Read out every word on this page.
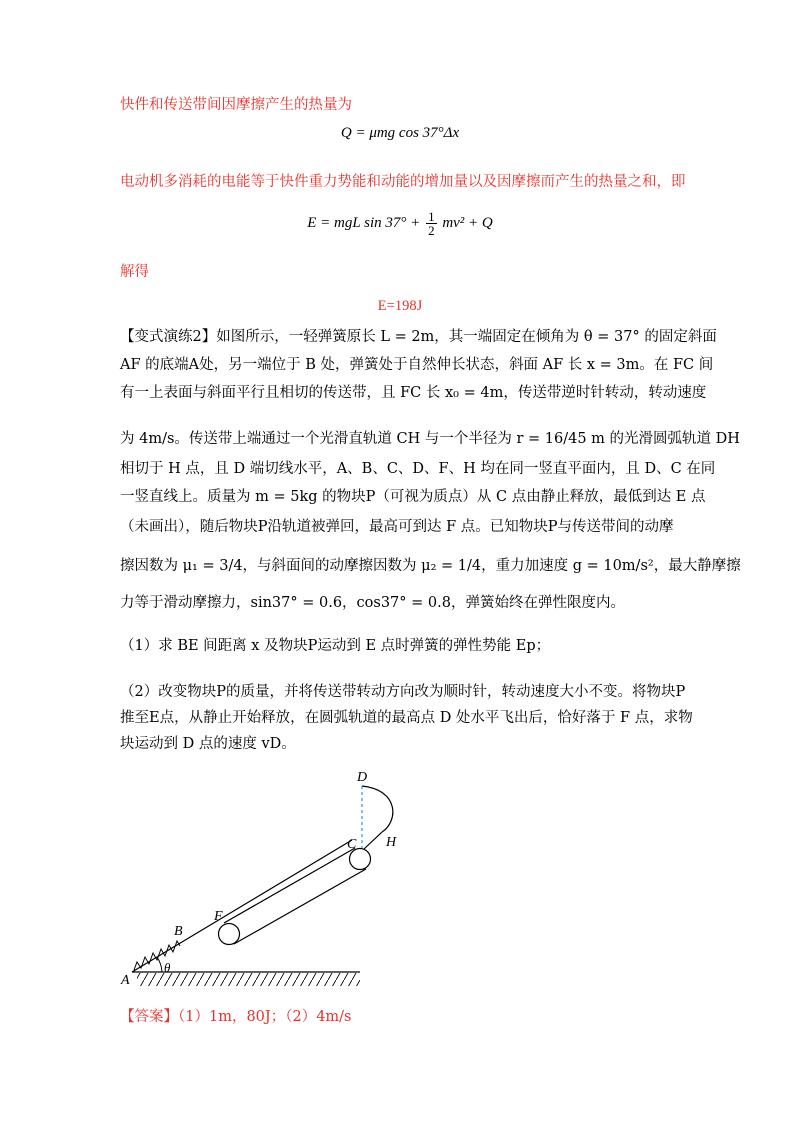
快件和传送带间因摩擦产生的热量为
Q = μmg cos 37°Δx
电动机多消耗的电能等于快件重力势能和动能的增加量以及因摩擦而产生的热量之和，即
E = mgL $\sin 37^\circ + \frac{1}{2} mv^2 + Q$
解得
E=198J
【变式演练2】如图所示，一轻弹簧原长 L = 2m，其一端固定在倾角为 θ = 37° 的固定斜面
AF 的底端A处，另一端位于 B 处，弹簧处于自然伸长状态，斜面 AF 长 x = 3m。在 FC 间
有一上表面与斜面平行且相切的传送带，且 FC 长 x₀ = 4m，传送带逆时针转动，转动速度
为 4m/s。传送带上端通过一个光滑直轨道 CH 与一个半径为 r = 16/45 m 的光滑圆弧轨道 DH
相切于 H 点，且 D 端切线水平，A、B、C、D、F、H 均在同一竖直平面内，且 D、C 在同
一竖直线上。质量为 m = 5kg 的物块P（可视为质点）从 C 点由静止释放，最低到达 E 点
（未画出），随后物块P沿轨道被弹回，最高可到达 F 点。已知物块P与传送带间的动摩
擦因数为 μ₁ = 3/4，与斜面间的动摩擦因数为 μ₂ = 1/4，重力加速度 g = 10m/s²，最大静摩擦
力等于滑动摩擦力，sin37° = 0.6，cos37° = 0.8，弹簧始终在弹性限度内。
（1）求 BE 间距离 x 及物块P运动到 E 点时弹簧的弹性势能 Ep；
（2）改变物块P的质量，并将传送带转动方向改为顺时针，转动速度大小不变。将物块P
推至E点，从静止开始释放，在圆弧轨道的最高点 D 处水平飞出后，恰好落于 F 点，求物
块运动到 D 点的速度 vD。
A
B
θ
F
C H
D
【答案】（1）1m，80J；（2）4m/s
